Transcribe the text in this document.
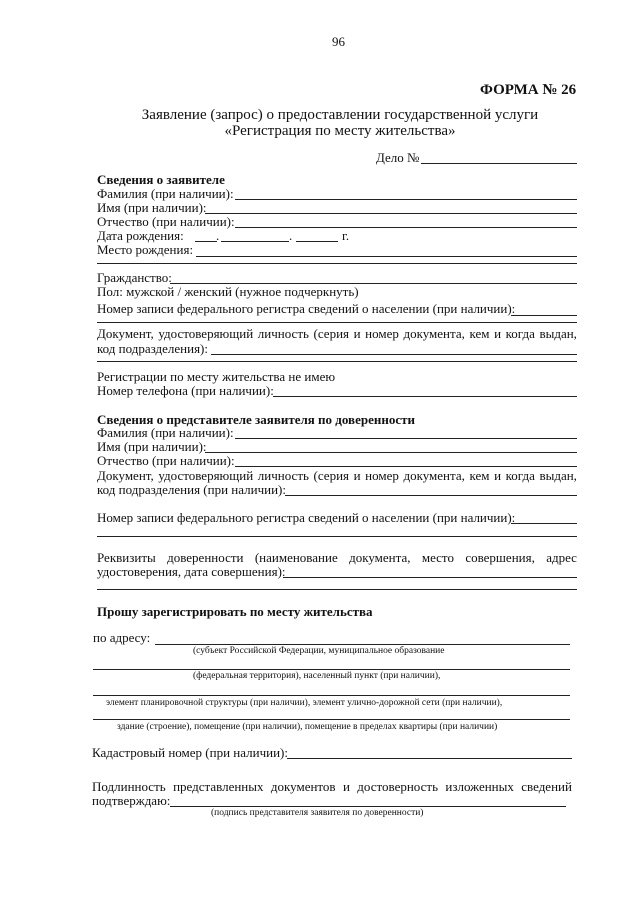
96
ФОРМА № 26
Заявление (запрос) о предоставлении государственной услуги
«Регистрация по месту жительства»
Дело №
Сведения о заявителе
Фамилия (при наличии):
Имя (при наличии):
Отчество (при наличии):
Дата рождения: .	.	г.
Место рождения:
Гражданство:
Пол: мужской / женский (нужное подчеркнуть)
Номер записи федерального регистра сведений о населении (при наличии):
Документ, удостоверяющий личность (серия и номер документа, кем и когда выдан,
код подразделения):
Регистрации по месту жительства не имею
Номер телефона (при наличии):
Сведения о представителе заявителя по доверенности
Фамилия (при наличии):
Имя (при наличии):
Отчество (при наличии):
Документ, удостоверяющий личность (серия и номер документа, кем и когда выдан,
код подразделения (при наличии):
Номер записи федерального регистра сведений о населении (при наличии):
Реквизиты доверенности (наименование документа, место совершения, адрес
удостоверения, дата совершения):
Прошу зарегистрировать по месту жительства
по адресу:
(субъект Российской Федерации, муниципальное образование
(федеральная территория), населенный пункт (при наличии),
элемент планировочной структуры (при наличии), элемент улично-дорожной сети (при наличии),
здание (строение), помещение (при наличии), помещение в пределах квартиры (при наличии)
Кадастровый номер (при наличии):
Подлинность представленных документов и достоверность изложенных сведений
подтверждаю:
(подпись представителя заявителя по доверенности)
